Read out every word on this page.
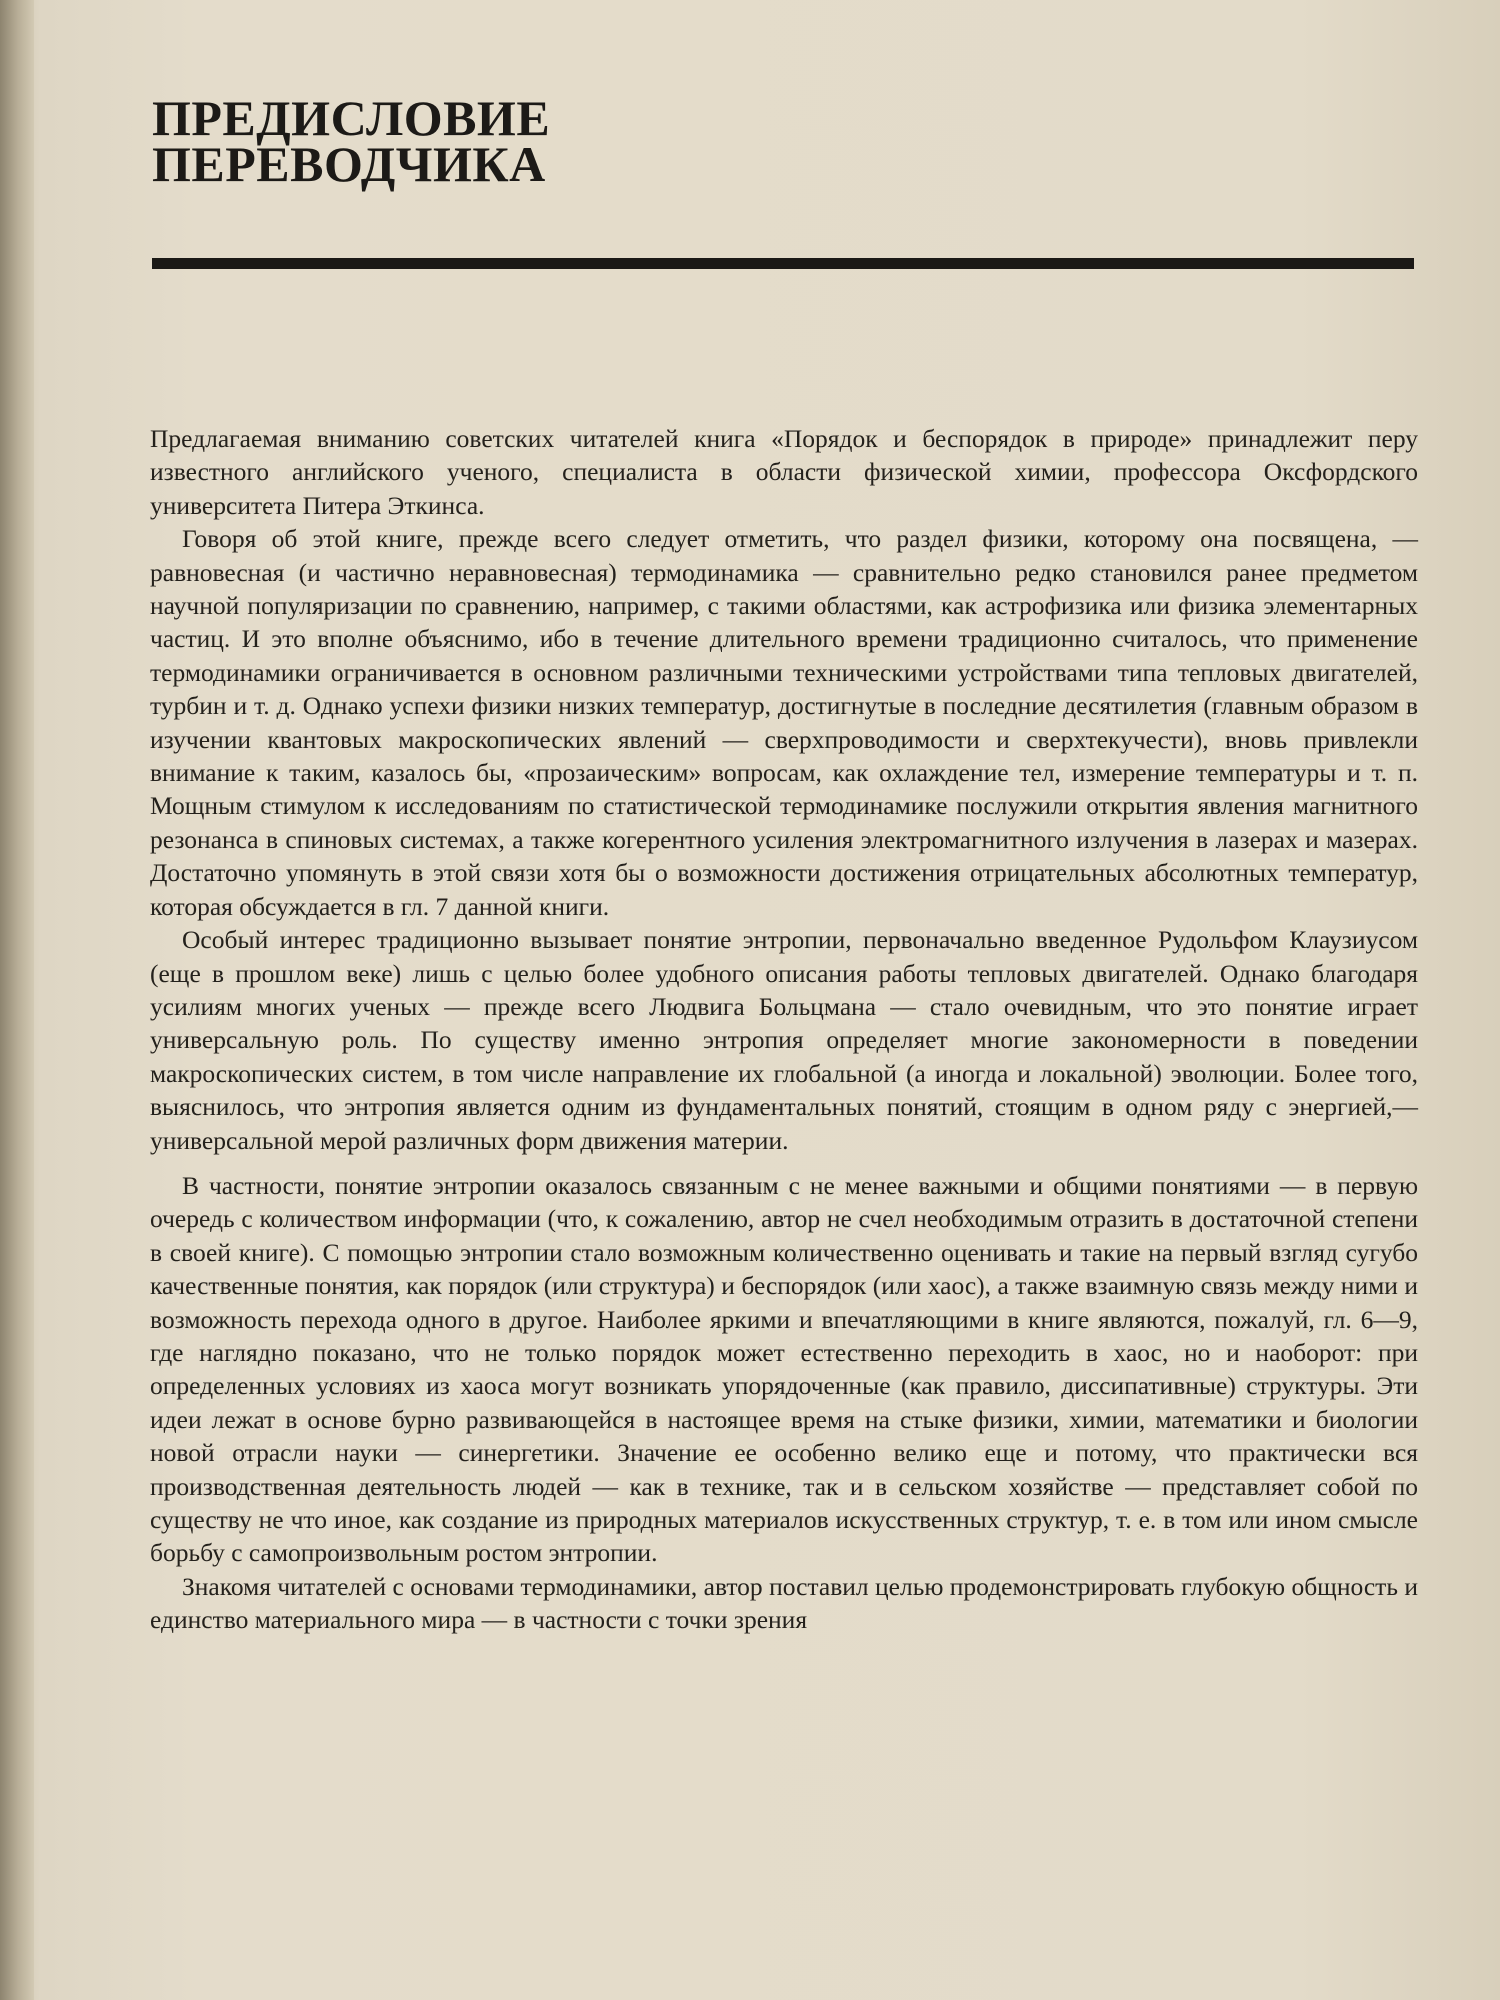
ПРЕДИСЛОВИЕ
ПЕРЕВОДЧИКА

Предлагаемая вниманию советских читателей книга «Порядок и беспорядок в природе» принадлежит перу известного английского ученого, специалиста в области физической химии, профессора Оксфордского университета Питера Эткинса.

Говоря об этой книге, прежде всего следует отметить, что раздел физики, которому она посвящена, — равновесная (и частично неравновесная) термодинамика — сравнительно редко становился ранее предметом научной популяризации по сравнению, например, с такими областями, как астрофизика или физика элементарных частиц. И это вполне объяснимо, ибо в течение длительного времени традиционно считалось, что применение термодинамики ограничивается в основном различными техническими устройствами типа тепловых двигателей, турбин и т. д. Однако успехи физики низких температур, достигнутые в последние десятилетия (главным образом в изучении квантовых макроскопических явлений — сверхпроводимости и сверхтекучести), вновь привлекли внимание к таким, казалось бы, «прозаическим» вопросам, как охлаждение тел, измерение температуры и т. п. Мощным стимулом к исследованиям по статистической термодинамике послужили открытия явления магнитного резонанса в спиновых системах, а также когерентного усиления электромагнитного излучения в лазерах и мазерах. Достаточно упомянуть в этой связи хотя бы о возможности достижения отрицательных абсолютных температур, которая обсуждается в гл. 7 данной книги.

Особый интерес традиционно вызывает понятие энтропии, первоначально введенное Рудольфом Клаузиусом (еще в прошлом веке) лишь с целью более удобного описания работы тепловых двигателей. Однако благодаря усилиям многих ученых — прежде всего Людвига Больцмана — стало очевидным, что это понятие играет универсальную роль. По существу именно энтропия определяет многие закономерности в поведении макроскопических систем, в том числе направление их глобальной (а иногда и локальной) эволюции. Более того, выяснилось, что энтропия является одним из фундаментальных понятий, стоящим в одном ряду с энергией,— универсальной мерой различных форм движения материи.

В частности, понятие энтропии оказалось связанным с не менее важными и общими понятиями — в первую очередь с количеством информации (что, к сожалению, автор не счел необходимым отразить в достаточной степени в своей книге). С помощью энтропии стало возможным количественно оценивать и такие на первый взгляд сугубо качественные понятия, как порядок (или структура) и беспорядок (или хаос), а также взаимную связь между ними и возможность перехода одного в другое. Наиболее яркими и впечатляющими в книге являются, пожалуй, гл. 6—9, где наглядно показано, что не только порядок может естественно переходить в хаос, но и наоборот: при определенных условиях из хаоса могут возникать упорядоченные (как правило, диссипативные) структуры. Эти идеи лежат в основе бурно развивающейся в настоящее время на стыке физики, химии, математики и биологии новой отрасли науки — синергетики. Значение ее особенно велико еще и потому, что практически вся производственная деятельность людей — как в технике, так и в сельском хозяйстве — представляет собой по существу не что иное, как создание из природных материалов искусственных структур, т. е. в том или ином смысле борьбу с самопроизвольным ростом энтропии.

Знакомя читателей с основами термодинамики, автор поставил целью продемонстрировать глубокую общность и единство материального мира — в частности с точки зрения
